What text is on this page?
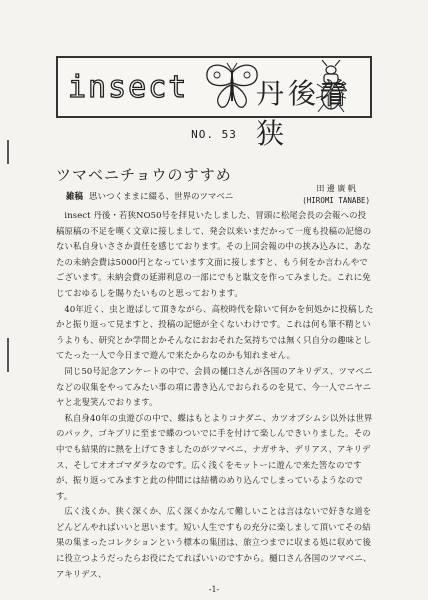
insect 丹後着狭
NO. 53
ツマベニチョウのすすめ
雑稿 思いつくままに綴る、世界のツマベニ
田 邊 廣 帆
(HIROMI TANABE)

insect 丹後・若狭NO50号を拝見いたしました、冒頭に松尾会長の会報への投稿原稿の不足を嘆く文章に接しまして、発会以来いまだかって一度も投稿の記憶のない私自身いささか責任を感じております。その上同会報の中の挟み込みに、あなたの未納会費は5000円となっています文面に接しますと、もう何をか言わんやでございます。未納会費の延滞利息の一部にでもと駄文を作ってみました。これに免じておゆるしを賜りたいものと思っております。

40年近く、虫と遊ばして頂きながら、高校時代を除いて何かを何処かに投稿したかと振り返って見ますと、投稿の記憶が全くないわけです。これは何も筆不精というよりも、研究とか学問とかそんなにおおそれた気持ちでは無く只自分の趣味としてたった一人で今日まで遊んで来たからなのかも知れません。

同じ50号記念アンケートの中で、会員の樋口さんが各国のアキリデス、ツマベニなどの収集をやってみたい事の項に書き込んでおられるのを見て、今一人でニヤニヤと北叟笑んでおります。

私自身40年の虫遊びの中で、蝶はもとよりコナダニ、カツオブシムシ以外は世界のパック、ゴキブリに至まで蝶のついでに手を付けて楽しんできいりました。その中でも結果的に熱を上げてきましたのがツマベニ、ナガサキ、デリアス、アキリデス、そしてオオゴマダラなのです。広く浅くをモットーに遊んで来た筈なのですが、振り返ってみますと此の仲間には結構のめり込んでしまっているようなのです。

広く浅くか、狭く深くか、広く深くかなんて難しいことは言はないで好きな道をどんどんやればいいと思います。短い人生ですもの充分に楽しまして頂いてその結果の集まったコレクションという標本の集団は、旅立つまでに収まる処に収めて後に役立つようだったらお役にたてればいいのですから。樋口さん各国のツマベニ、アキリデス、

-1-
